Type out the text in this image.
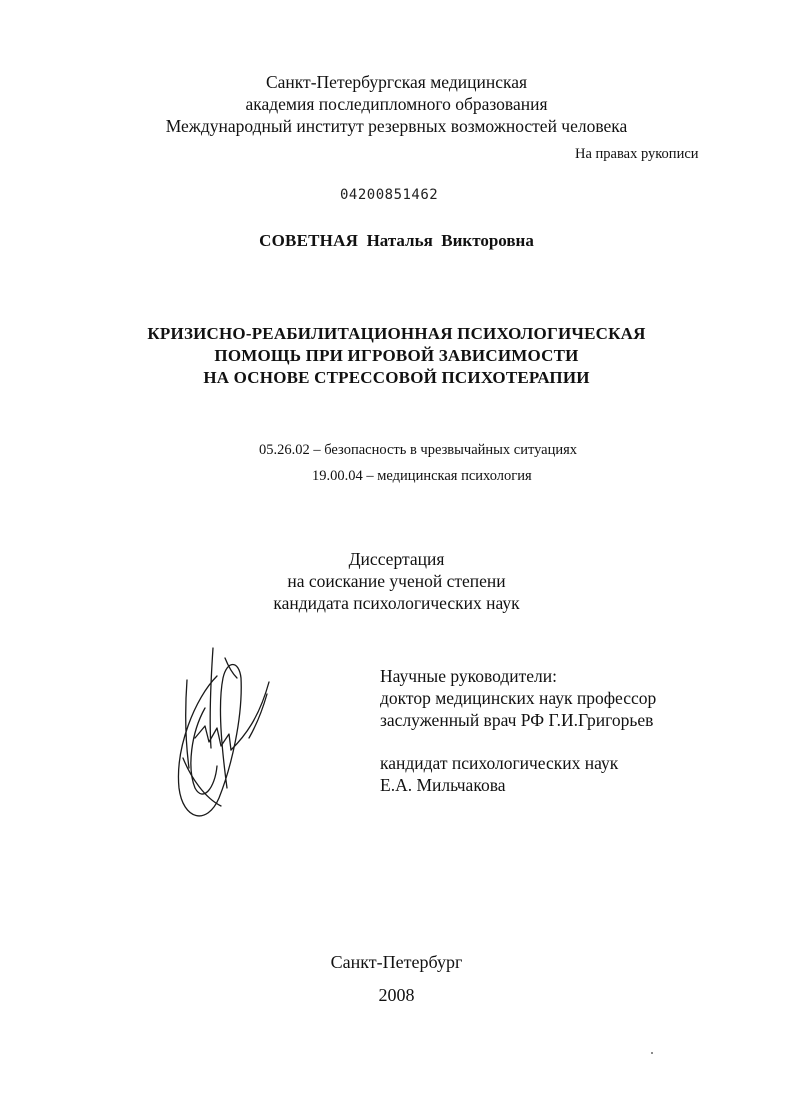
Санкт-Петербургская медицинская
академия последипломного образования
Международный институт резервных возможностей человека
На правах рукописи
04200851462
СОВЕТНАЯ Наталья  Викторовна
КРИЗИСНО-РЕАБИЛИТАЦИОННАЯ ПСИХОЛОГИЧЕСКАЯ
ПОМОЩЬ ПРИ ИГРОВОЙ ЗАВИСИМОСТИ
НА ОСНОВЕ СТРЕССОВОЙ ПСИХОТЕРАПИИ
05.26.02 – безопасность в чрезвычайных ситуациях
19.00.04 – медицинская психология
Диссертация
на соискание ученой степени
кандидата психологических наук
Научные руководители:
доктор медицинских наук профессор
заслуженный врач РФ Г.И.Григорьев
кандидат психологических наук
Е.А. Мильчакова
Санкт-Петербург
2008
